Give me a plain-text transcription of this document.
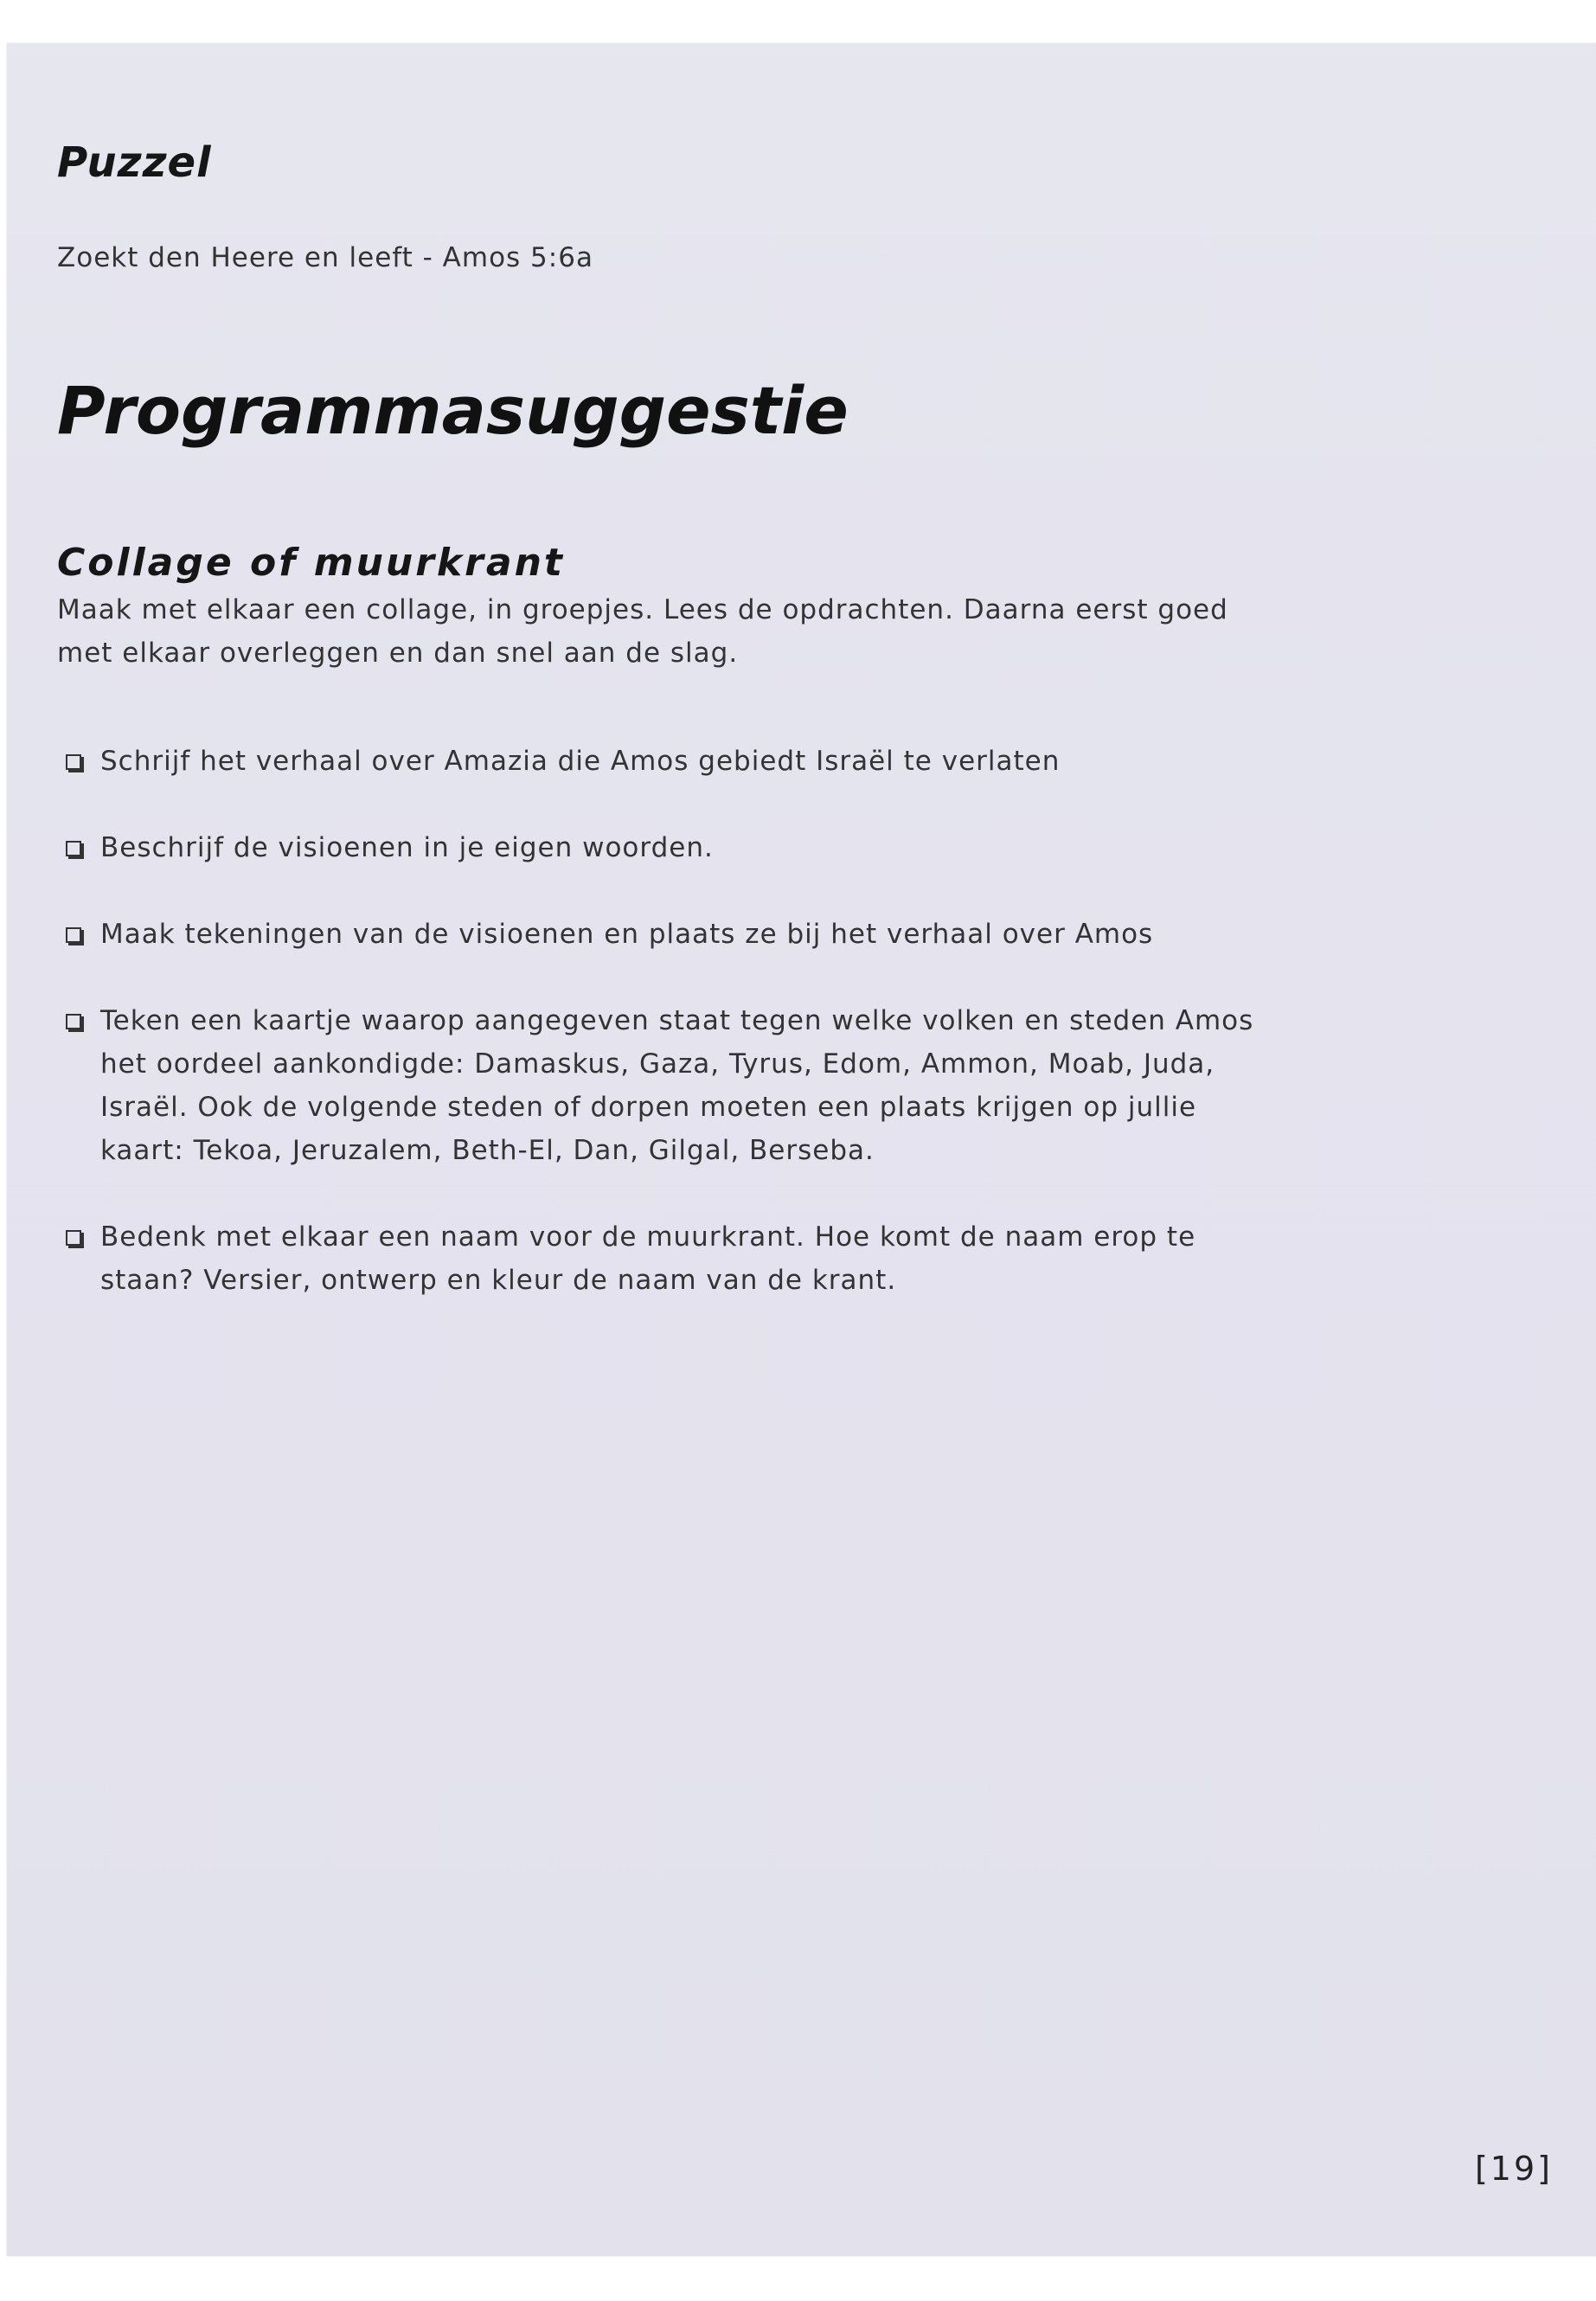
Puzzel
Zoekt den Heere en leeft - Amos 5:6a
Programmasuggestie
Collage of muurkrant

Maak met elkaar een collage, in groepjes. Lees de opdrachten. Daarna eerst goed met elkaar overleggen en dan snel aan de slag.

Schrijf het verhaal over Amazia die Amos gebiedt Israël te verlaten
Beschrijf de visioenen in je eigen woorden.
Maak tekeningen van de visioenen en plaats ze bij het verhaal over Amos
Teken een kaartje waarop aangegeven staat tegen welke volken en steden Amos het oordeel aankondigde: Damaskus, Gaza, Tyrus, Edom, Ammon, Moab, Juda, Israël. Ook de volgende steden of dorpen moeten een plaats krijgen op jullie kaart: Tekoa, Jeruzalem, Beth-El, Dan, Gilgal, Berseba.
Bedenk met elkaar een naam voor de muurkrant. Hoe komt de naam erop te staan? Versier, ontwerp en kleur de naam van de krant.
[19]
